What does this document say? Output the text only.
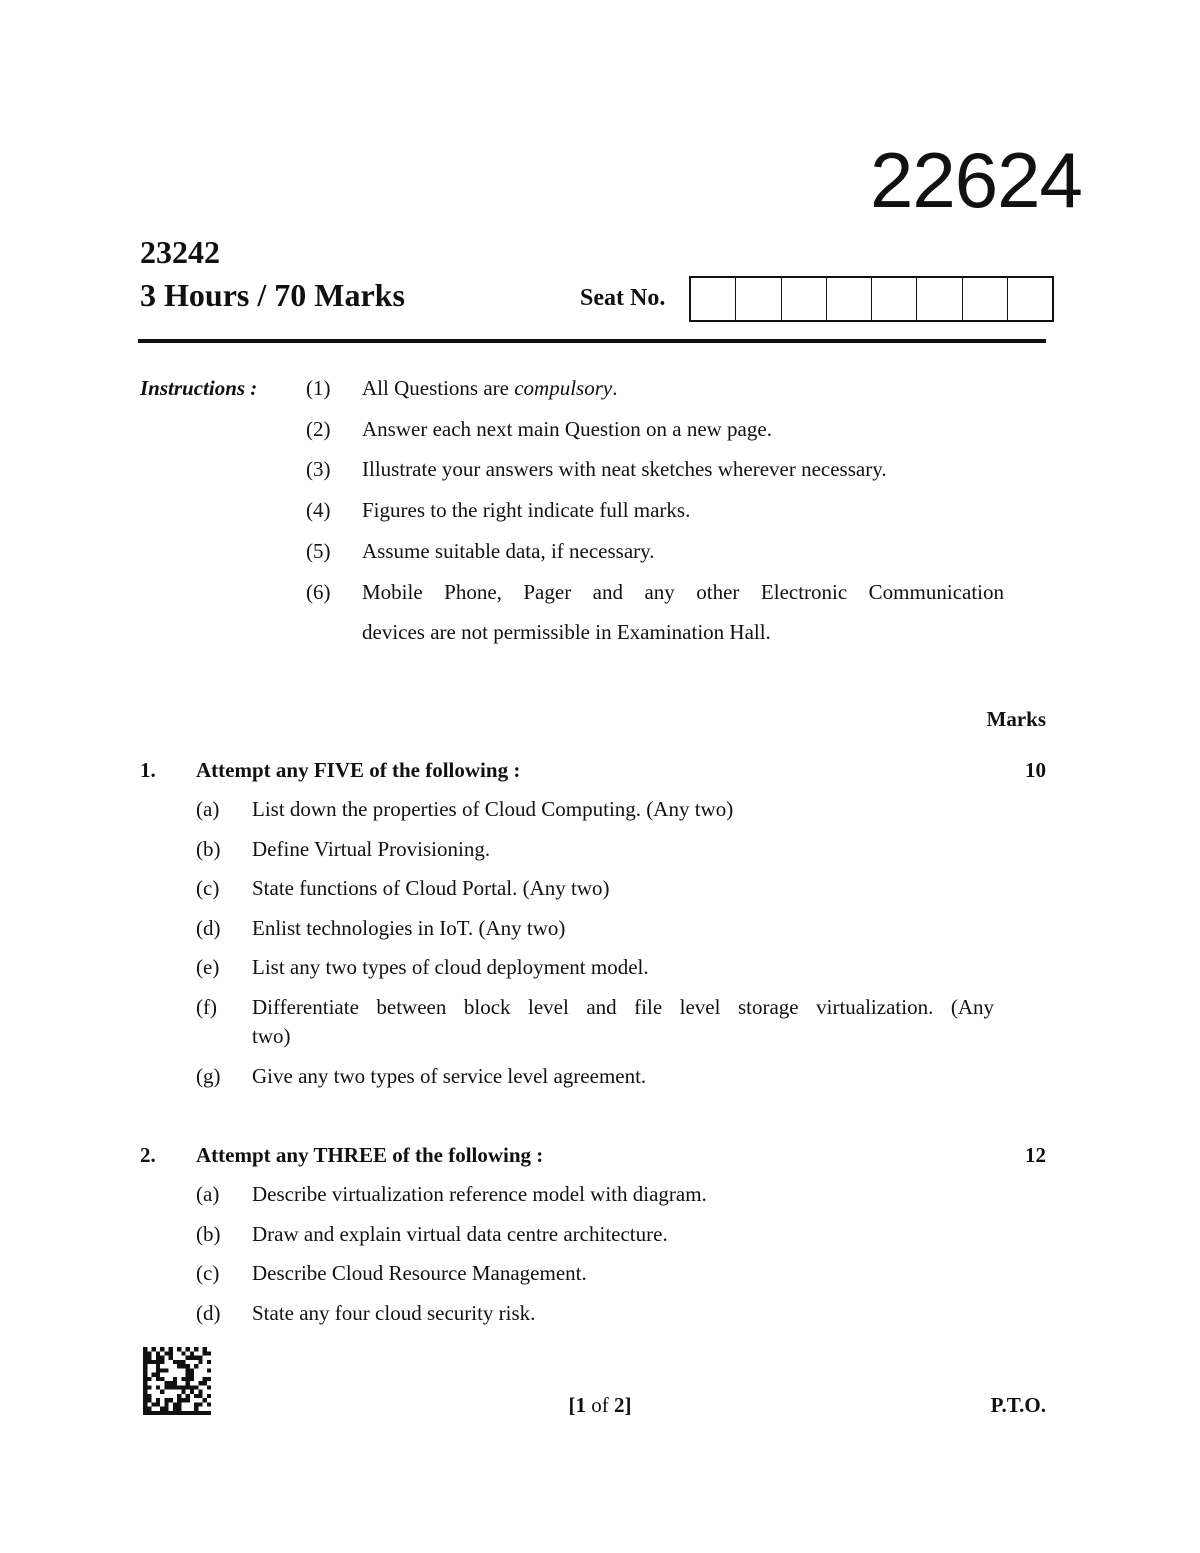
22624
23242
3 Hours / 70 Marks	Seat No.
Instructions : (1) All Questions are compulsory.
(2) Answer each next main Question on a new page.
(3) Illustrate your answers with neat sketches wherever necessary.
(4) Figures to the right indicate full marks.
(5) Assume suitable data, if necessary.
(6) Mobile Phone, Pager and any other Electronic Communication
devices are not permissible in Examination Hall.
Marks
1. Attempt any FIVE of the following :	10
(a) List down the properties of Cloud Computing. (Any two)
(b) Define Virtual Provisioning.
(c) State functions of Cloud Portal. (Any two)
(d) Enlist technologies in IoT. (Any two)
(e) List any two types of cloud deployment model.
(f) Differentiate between block level and file level storage virtualization. (Any
two)
(g) Give any two types of service level agreement.
2. Attempt any THREE of the following :	12
(a) Describe virtualization reference model with diagram.
(b) Draw and explain virtual data centre architecture.
(c) Describe Cloud Resource Management.
(d) State any four cloud security risk.
[1 of 2]	P.T.O.
